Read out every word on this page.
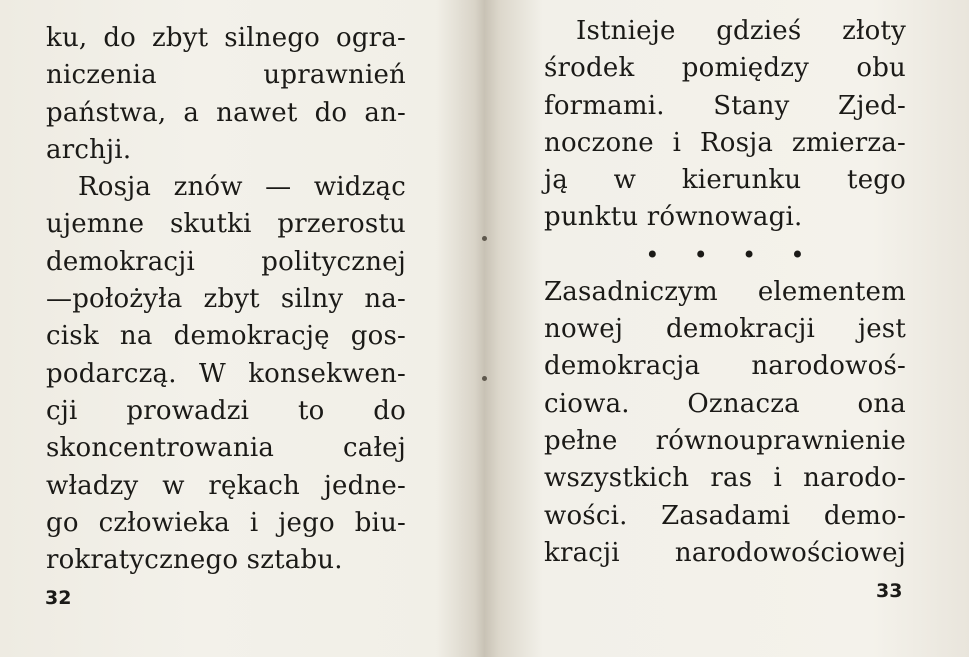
ku, do zbyt silnego ogra-
niczenia uprawnień
państwa, a nawet do an-
archji.
Rosja znów — widząc
ujemne skutki przerostu
demokracji politycznej
—położyła zbyt silny na-
cisk na demokrację gos-
podarczą. W konsekwen-
cji prowadzi to do
skoncentrowania całej
władzy w rękach jedne-
go człowieka i jego biu-
rokratycznego sztabu.
32
Istnieje gdzieś złoty
środek pomiędzy obu
formami. Stany Zjed-
noczone i Rosja zmierza-
ją w kierunku tego
punktu równowagi.
• • • •
Zasadniczym elementem
nowej demokracji jest
demokracja narodowoś-
ciowa. Oznacza ona
pełne równouprawnienie
wszystkich ras i narodo-
wości. Zasadami demo-
kracji narodowościowej
33
